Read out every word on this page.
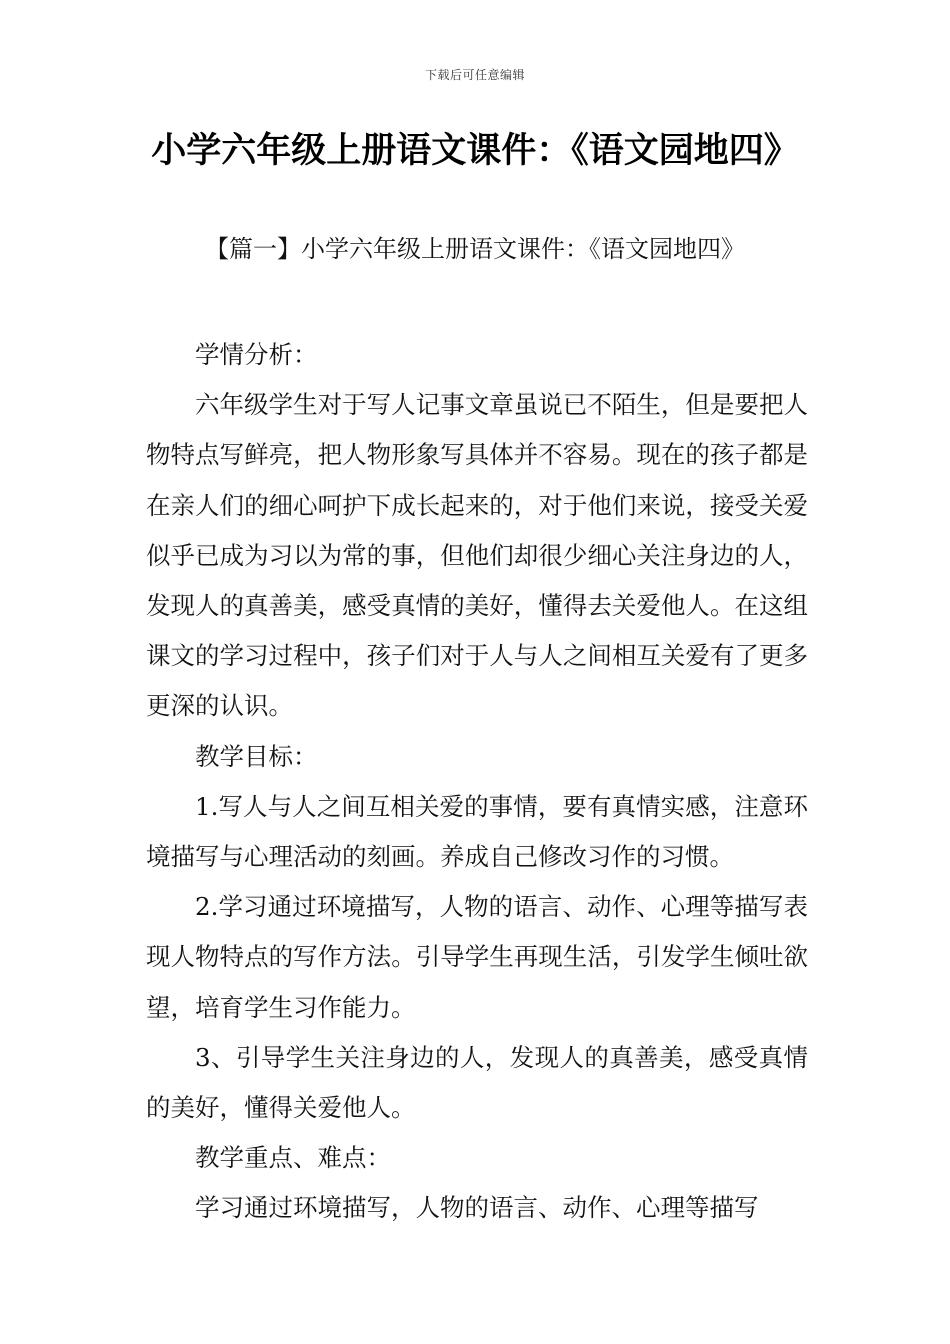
下载后可任意编辑
小学六年级上册语文课件：《语文园地四》
【篇一】小学六年级上册语文课件：《语文园地四》

学情分析：

六年级学生对于写人记事文章虽说已不陌生，但是要把人物特点写鲜亮，把人物形象写具体并不容易。现在的孩子都是在亲人们的细心呵护下成长起来的，对于他们来说，接受关爱似乎已成为习以为常的事，但他们却很少细心关注身边的人，发现人的真善美，感受真情的美好，懂得去关爱他人。在这组课文的学习过程中，孩子们对于人与人之间相互关爱有了更多更深的认识。

教学目标：

1.写人与人之间互相关爱的事情，要有真情实感，注意环境描写与心理活动的刻画。养成自己修改习作的习惯。

2.学习通过环境描写，人物的语言、动作、心理等描写表现人物特点的写作方法。引导学生再现生活，引发学生倾吐欲望，培育学生习作能力。

3、引导学生关注身边的人，发现人的真善美，感受真情的美好，懂得关爱他人。

教学重点、难点：

学习通过环境描写，人物的语言、动作、心理等描写
